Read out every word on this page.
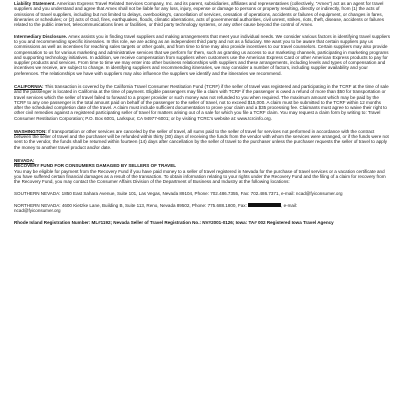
Liability Statement. American Express Travel Related Services Company, Inc. and its parent, subsidiaries, affiliates and representatives (collectively, "Amex") act as an agent for travel suppliers and you understand and agree that Amex shall not be liable for any loss, injury, expense or damage to persons or property resulting, directly or indirectly, from (1) the acts of omissions of travel suppliers, including but not limited to delays, overbooking's, cancellation of services, cessation of operations, accidents or failures of equipment, or changes in fares, itineraries or schedules; or (2) acts of God, fires, earthquakes, floods, climatic aberrations, acts of governmental authorities, civil unrest, strikes, riots, theft, disease, accidents or failures related to the public internet, telecommunications lines or facilities, or third party technology systems, or any other cause beyond the control of Amex.

Intermediary Disclosure. Amex assists you in finding travel suppliers and making arrangements that meet your individual needs. We consider various factors in identifying travel suppliers to you and recommending specific itineraries. In this role, we are acting as an independent third party and not as a fiduciary. We want you to be aware that certain suppliers pay us commissions as well as incentives for reaching sales targets or other goals, and from time to time may also provide incentives to our travel counselors. Certain suppliers may also provide compensation to us for various marketing and administrative services that we perform for them, such as granting us access to our marketing channels, participating in marketing programs and supporting technology initiatives. In addition, we receive compensation from suppliers when customers use the American Express Card or other American Express products to pay for supplier products and services. From time to time we may enter into other business relationships with suppliers and these arrangements, including levels and types of compensation and incentives we receive, are subject to change. In identifying suppliers and recommending itineraries, we may consider a number of factors, including supplier availability and your preferences. The relationships we have with suppliers may also influence the suppliers we identify and the itineraries we recommend.

CALIFORNIA: This transaction is covered by the California Travel Consumer Restitution Fund (TCRF) if the seller of travel was registered and participating in the TCRF at the time of sale and the passenger is located in California at the time of payment. Eligible passengers may file a claim with TCRF if the passenger is owed a refund of more than $50 for transportation or travel services which the seller of travel failed to forward to a proper provider or such money was not refunded to you when required. The maximum amount which may be paid by the TCRF to any one passenger is the total amount paid on behalf of the passenger to the seller of travel, not to exceed $15,000. A claim must be submitted to the TCRF within 12 months after the scheduled completion date of the travel. A claim must include sufficient documentation to prove your claim and a $35 processing fee. Claimants must agree to waive their right to other civil remedies against a registered participating seller of travel for matters arising out of a sale for which you file a TCRF claim. You may request a claim form by writing to: Travel Consumer Restitution Corporation; P.O. Box 6001, Larkspur, CA 94977-6001; or by visiting TCRC's website at: www.tcrcinfo.org.

WASHINGTON: If transportation or other services are canceled by the seller of travel, all sums paid to the seller of travel for services not performed in accordance with the contract between the seller of travel and the purchaser will be refunded within thirty (30) days of receiving the funds from the vendor with whom the services were arranged, or if the funds were not sent to the vendor, the funds shall be returned within fourteen (14) days after cancellation by the seller of travel to the purchaser unless the purchaser requests the seller of travel to apply the money to another travel product and/or date.

NEVADA:

RECOVERY FUND FOR CONSUMERS DAMAGED BY SELLERS OF TRAVEL

You may be eligible for payment from the Recovery Fund if you have paid money to a seller of travel registered in Nevada for the purchase of travel services or a vacation certificate and you have suffered certain financial damages as a result of the transaction. To obtain information relating to your rights under the Recovery Fund and the filing of a claim for recovery from the Recovery Fund, you may contact the Consumer Affairs Division of the Department of Business and Industry at the following locations:

SOUTHERN NEVADA: 1850 East Sahara Avenue, Suite 101, Las Vegas, Nevada 89104, Phone: 702.486.7355, Fax: 702.486.7371, e-mail: ncad@fyiconsumer.org

NORTHERN NEVADA: 4600 Kietzke Lane, Building B, Suite 113, Reno, Nevada 89502, Phone: 775.688.1800, Fax:	, e-mail:
ncad@fyiconsumer.org

Rhode Island Registration Number: ML#1192; Nevada Seller of Travel Registration No.: NV#2001-0126; Iowa: TA# 002 Registered Iowa Travel Agency
